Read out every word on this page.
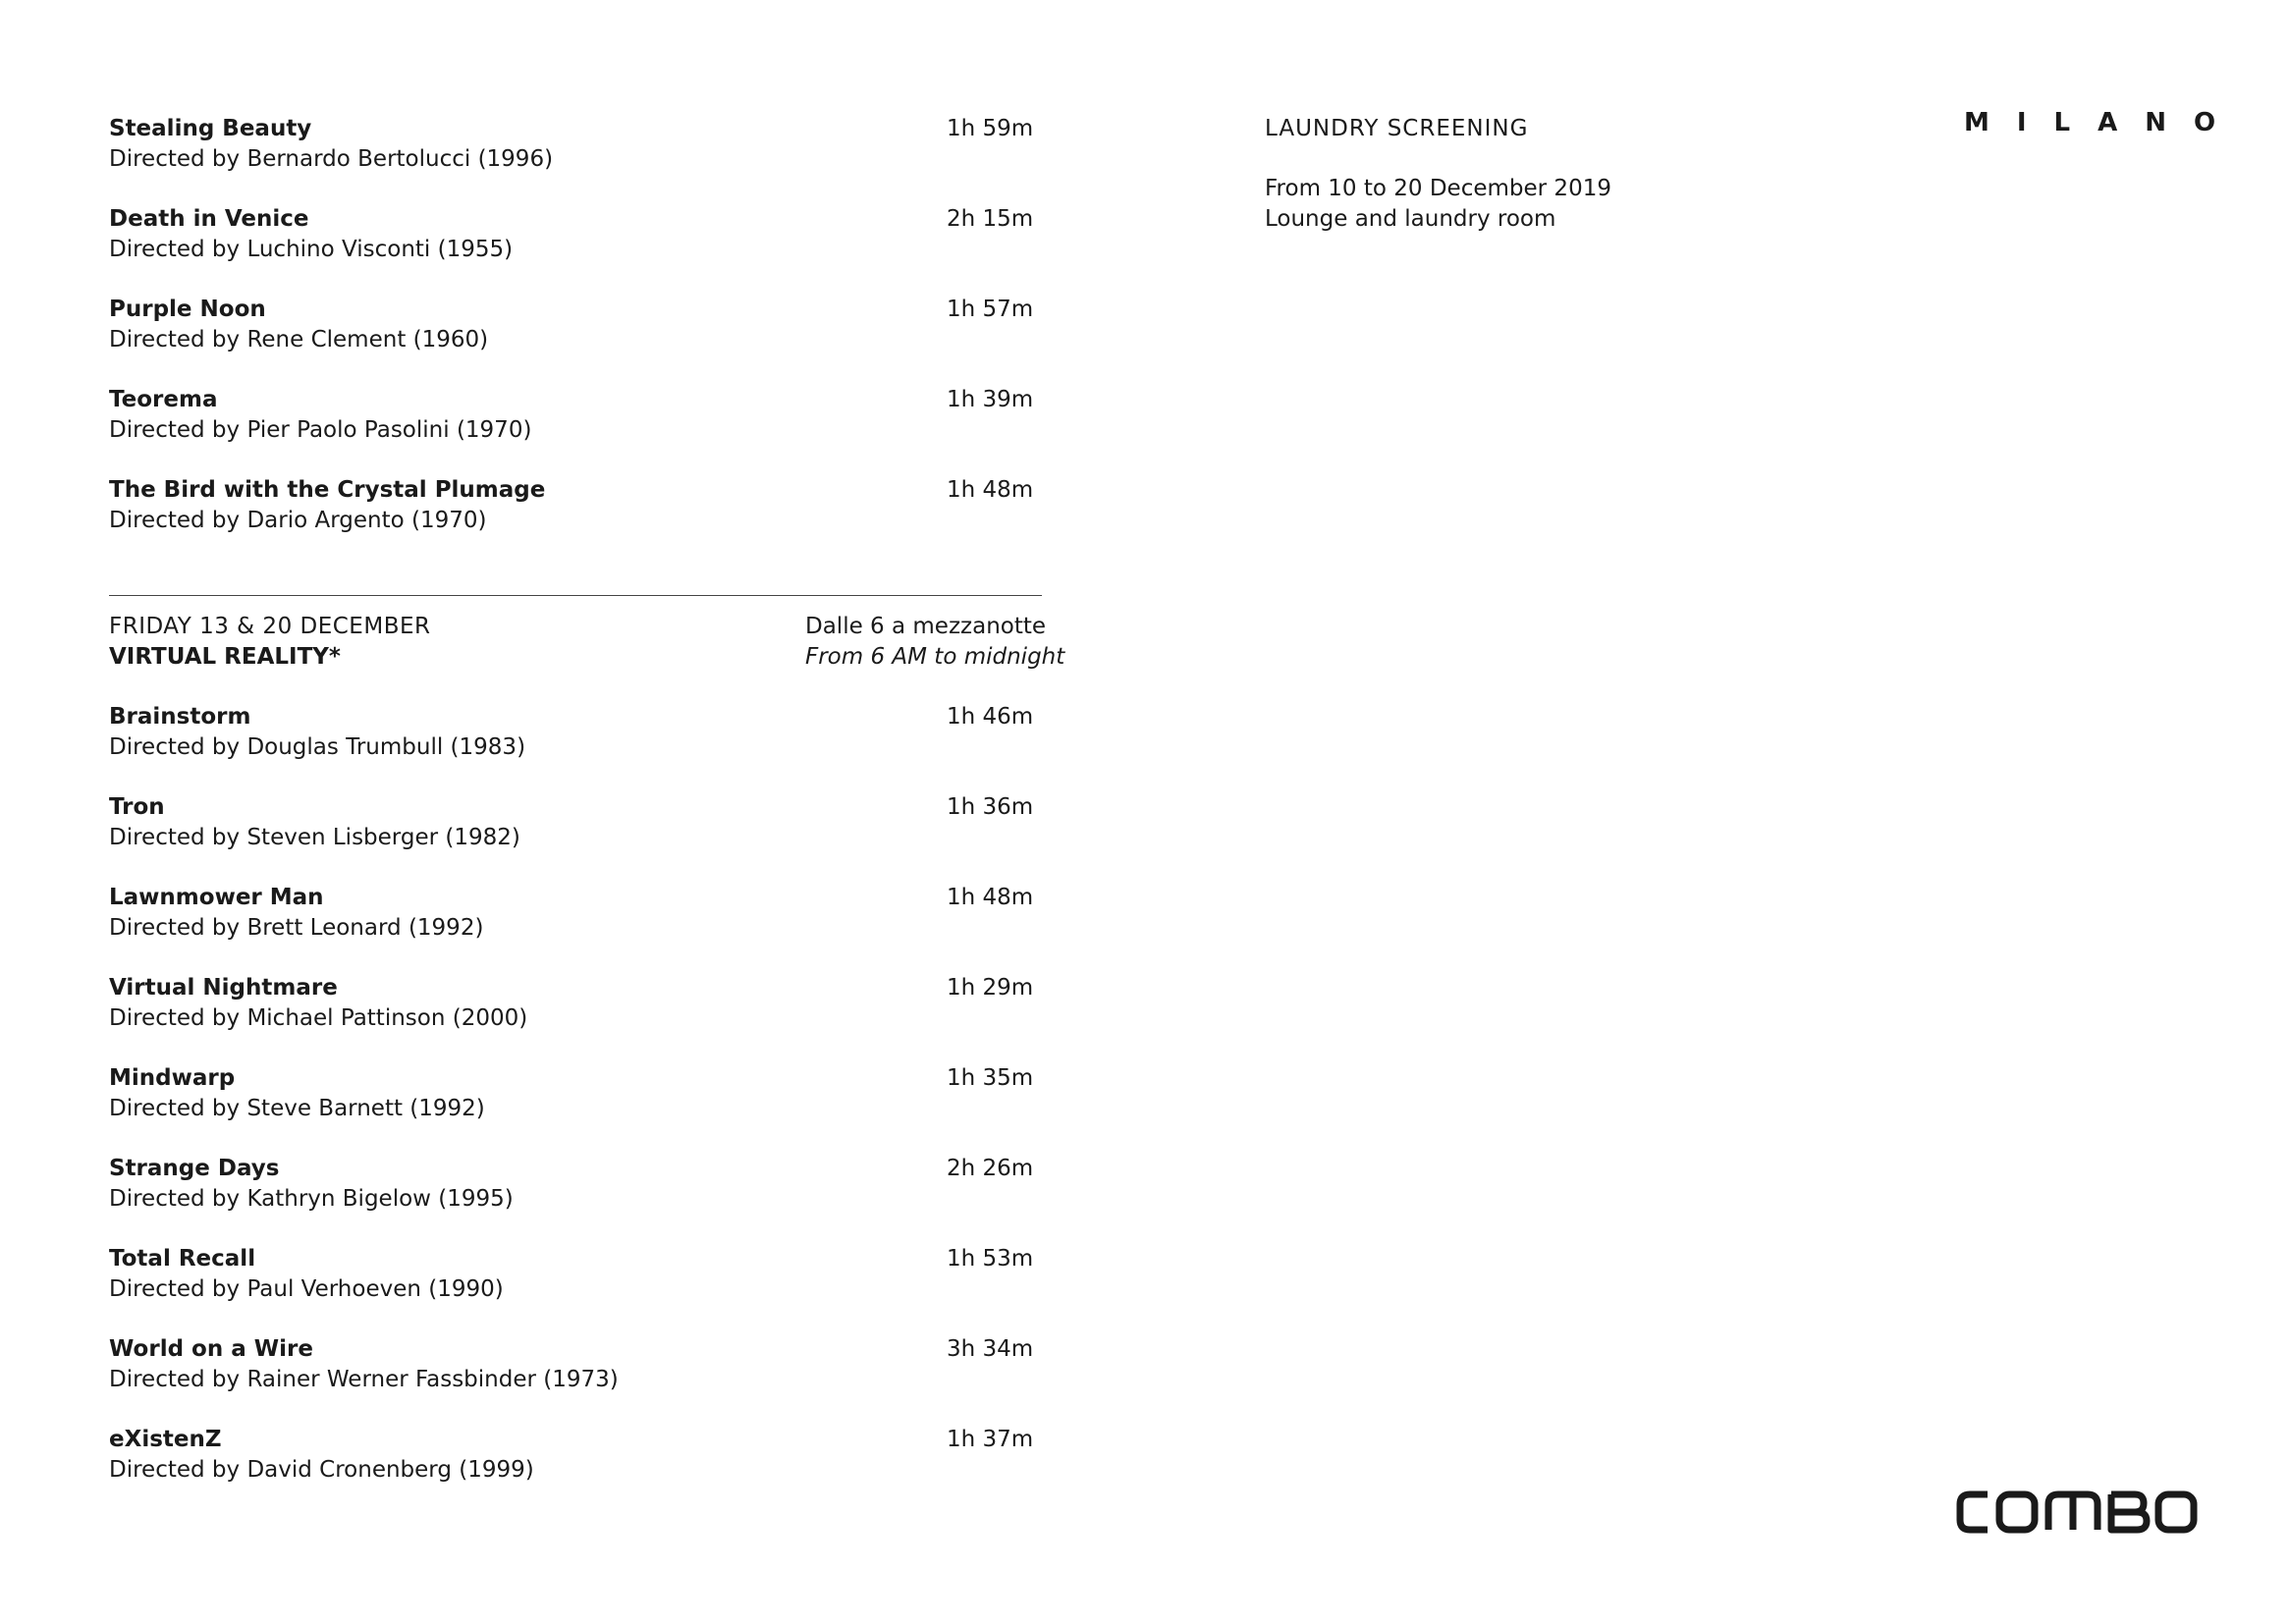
Stealing Beauty
Directed by Bernardo Bertolucci (1996)
1h 59m
Death in Venice
Directed by Luchino Visconti (1955)
2h 15m
Purple Noon
Directed by Rene Clement (1960)
1h 57m
Teorema
Directed by Pier Paolo Pasolini (1970)
1h 39m
The Bird with the Crystal Plumage
Directed by Dario Argento (1970)
1h 48m
FRIDAY 13 & 20 DECEMBER
VIRTUAL REALITY*
Dalle 6 a mezzanotte
From 6 AM to midnight
Brainstorm
Directed by Douglas Trumbull (1983)
1h 46m
Tron
Directed by Steven Lisberger (1982)
1h 36m
Lawnmower Man
Directed by Brett Leonard (1992)
1h 48m
Virtual Nightmare
Directed by Michael Pattinson (2000)
1h 29m
Mindwarp
Directed by Steve Barnett (1992)
1h 35m
Strange Days
Directed by Kathryn Bigelow (1995)
2h 26m
Total Recall
Directed by Paul Verhoeven (1990)
1h 53m
World on a Wire
Directed by Rainer Werner Fassbinder (1973)
3h 34m
eXistenZ
Directed by David Cronenberg (1999)
1h 37m
LAUNDRY SCREENING
From 10 to 20 December 2019
Lounge and laundry room
MILANO
